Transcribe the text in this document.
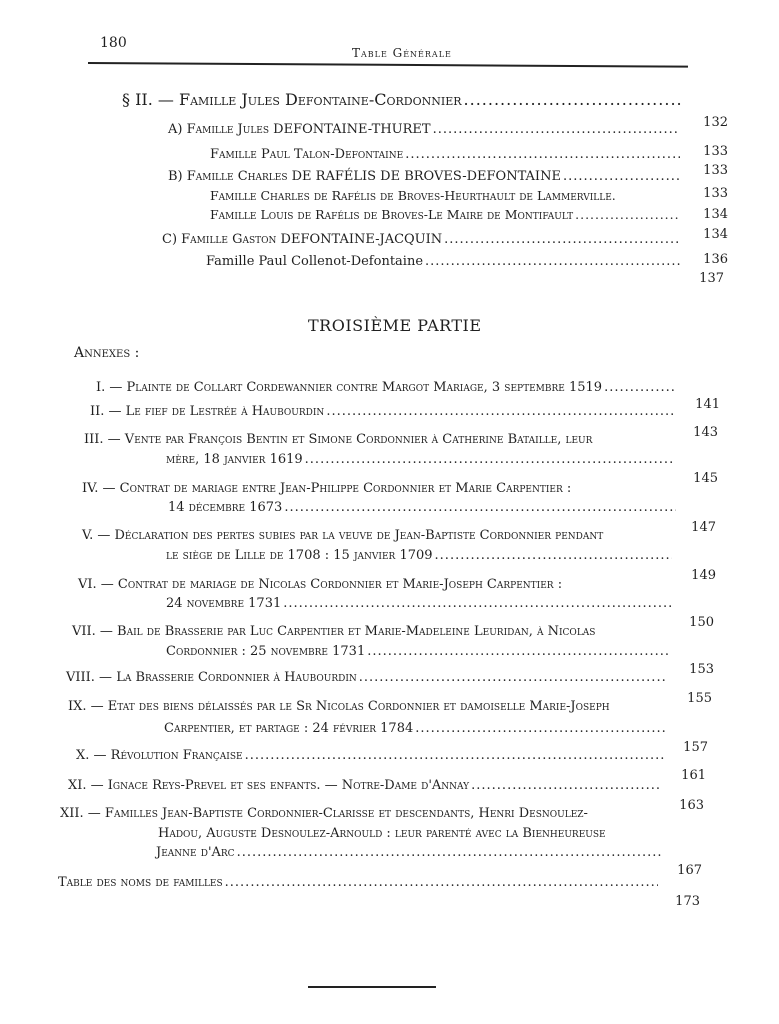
180
Table Générale
§ II. — Famille Jules Defontaine-Cordonnier
.....
132
A) Famille Jules DEFONTAINE-THURET
.....
133
Famille Paul Talon-Defontaine
.....
133
B) Famille Charles DE RAFÉLIS DE BROVES-DEFONTAINE
.....
133
Famille Charles de Rafélis de Broves-Heurthault de Lammerville.
134
Famille Louis de Rafélis de Broves-Le Maire de Montifault
.....
134
C) Famille Gaston DEFONTAINE-JACQUIN
.....
136
Famille Paul Collenot-Defontaine
.....
137
TROISIÈME PARTIE
Annexes :
I. — Plainte de Collart Cordewannier contre Margot Mariage, 3 septembre 1519
.....
141
II. — Le fief de Lestrée à Haubourdin
.....
143
III. — Vente par François Bentin et Simone Cordonnier à Catherine Bataille, leur
mère, 18 janvier 1619
.....
145
IV. — Contrat de mariage entre Jean-Philippe Cordonnier et Marie Carpentier :
14 décembre 1673
.....
147
V. — Déclaration des pertes subies par la veuve de Jean-Baptiste Cordonnier pendant
le siège de Lille de 1708 : 15 janvier 1709
.....
149
VI. — Contrat de mariage de Nicolas Cordonnier et Marie-Joseph Carpentier :
24 novembre 1731
.....
150
VII. — Bail de Brasserie par Luc Carpentier et Marie-Madeleine Leuridan, à Nicolas
Cordonnier : 25 novembre 1731
.....
153
VIII. — La Brasserie Cordonnier à Haubourdin
.....
155
IX. — Etat des biens délaissés par le Sr Nicolas Cordonnier et damoiselle Marie-Joseph
Carpentier, et partage : 24 février 1784
.....
157
X. — Révolution Française
.....
161
XI. — Ignace Reys-Prevel et ses enfants. — Notre-Dame d'Annay
.....
163
XII. — Familles Jean-Baptiste Cordonnier-Clarisse et descendants, Henri Desnoulez-
Hadou, Auguste Desnoulez-Arnould : leur parenté avec la Bienheureuse
Jeanne d'Arc
.....
167
Table des noms de familles
.....
173
